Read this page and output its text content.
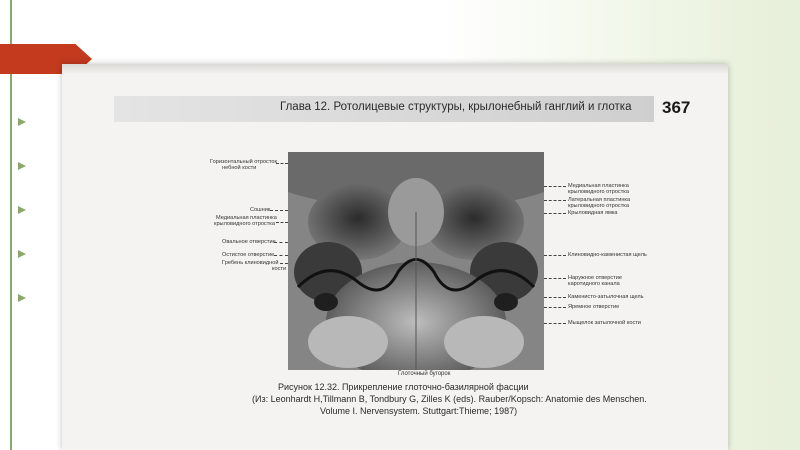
Глава 12. Ротолицевые структуры, крылонебный ганглий и глотка 367
Горизонтальный отросток
небной кости
Сошник
Медиальная пластинка
крыловидного отростка
Овальное отверстие
Остистое отверстие
Гребень клиновидной
кости
Медиальная пластинка
крыловидного отростка
Латеральная пластинка
крыловидного отростка
Крыловидная ямка
Клиновидно-каменистая щель
Наружное отверстие
каротидного канала
Каменисто-затылочная щель
Яремное отверстие
Мыщелок затылочной кости
Глоточный бугорок
Рисунок 12.32. Прикрепление глоточно-базилярной фасции
(Из: Leonhardt H,Tillmann B, Tondbury G, Zilles K (eds). Rauber/Kopsch: Anatomie des Menschen.
Volume I. Nervensystem. Stuttgart:Thieme; 1987)
